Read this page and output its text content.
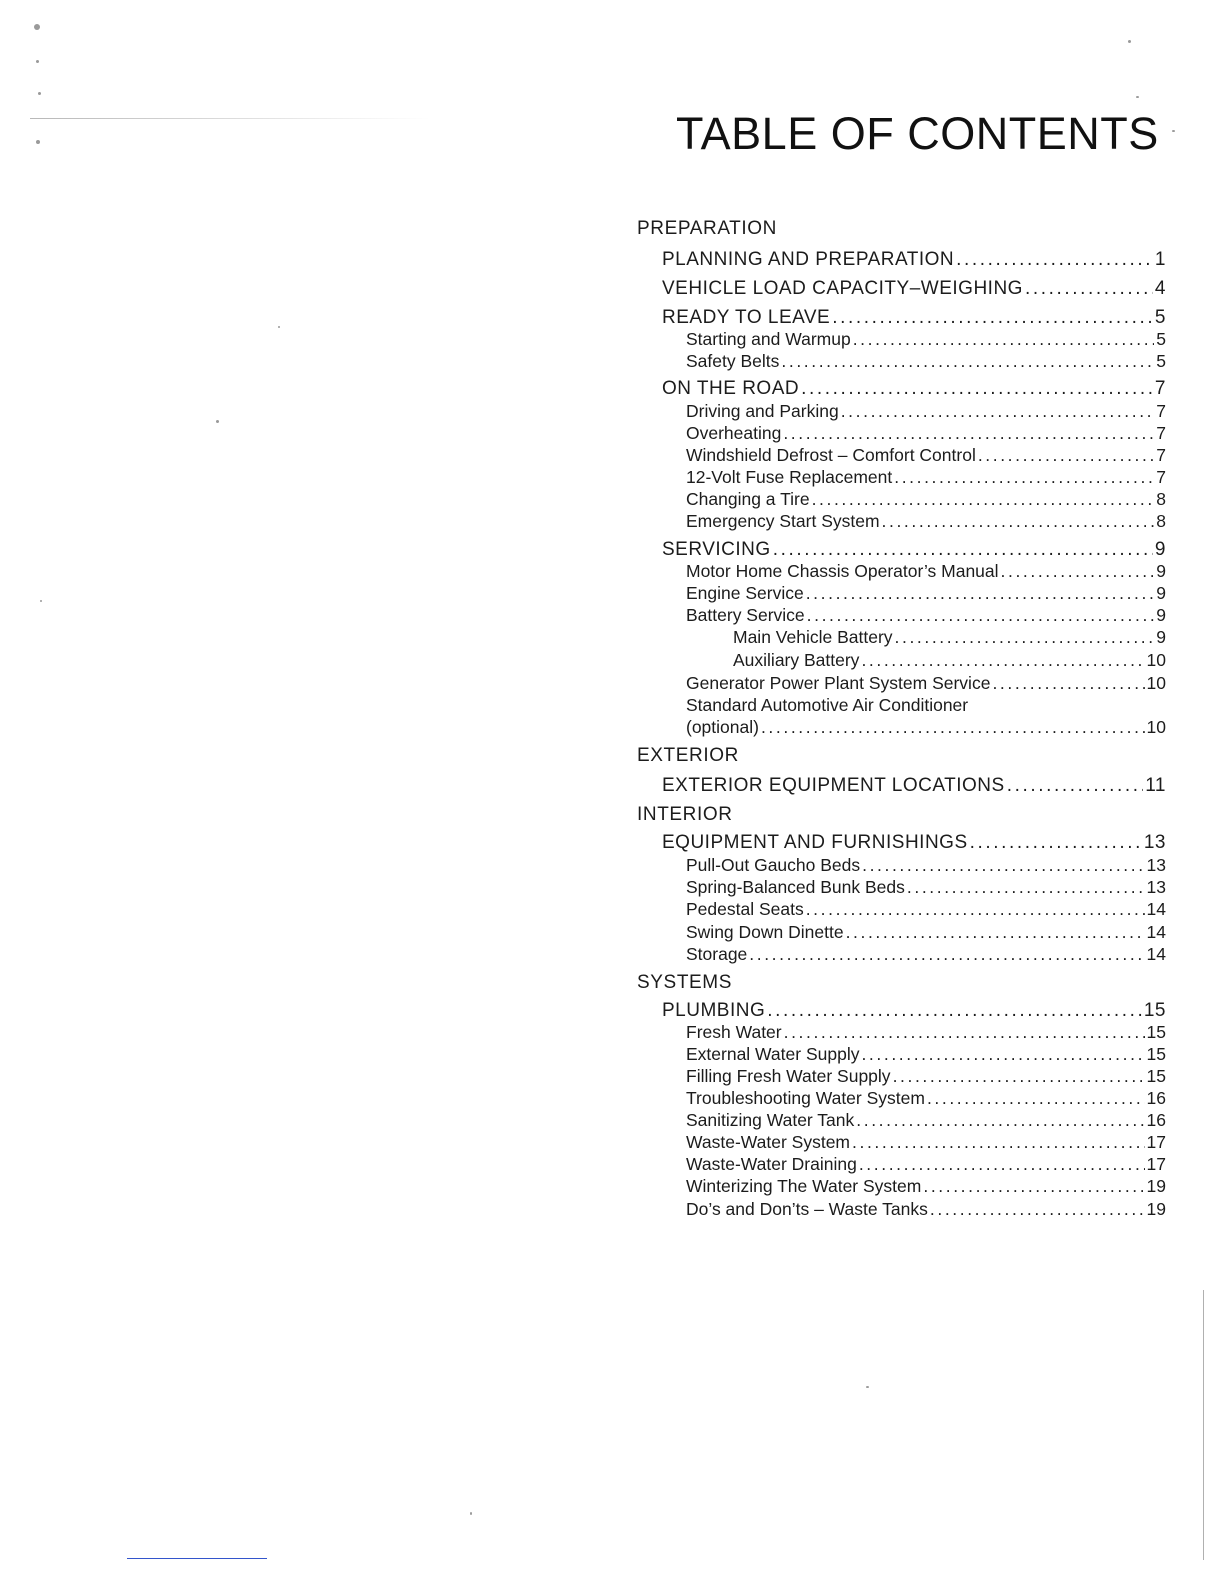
TABLE OF CONTENTS
PREPARATION
PLANNING AND PREPARATION .....	1
VEHICLE LOAD CAPACITY–WEIGHING .....	4
READY TO LEAVE .....	5
Starting and Warmup .....	5
Safety Belts .....	5
ON THE ROAD .....	7
Driving and Parking .....	7
Overheating .....	7
Windshield Defrost – Comfort Control .....	7
12-Volt Fuse Replacement .....	7
Changing a Tire .....	8
Emergency Start System .....	8
SERVICING .....	9
Motor Home Chassis Operator’s Manual .....	9
Engine Service .....	9
Battery Service .....	9
Main Vehicle Battery .....	9
Auxiliary Battery .....	10
Generator Power Plant System Service .....	10
Standard Automotive Air Conditioner
(optional) .....	10
EXTERIOR
EXTERIOR EQUIPMENT LOCATIONS .....	11
INTERIOR
EQUIPMENT AND FURNISHINGS .....	13
Pull-Out Gaucho Beds .....	13
Spring-Balanced Bunk Beds .....	13
Pedestal Seats .....	14
Swing Down Dinette .....	14
Storage .....	14
SYSTEMS
PLUMBING .....	15
Fresh Water .....	15
External Water Supply .....	15
Filling Fresh Water Supply .....	15
Troubleshooting Water System .....	16
Sanitizing Water Tank .....	16
Waste-Water System .....	17
Waste-Water Draining .....	17
Winterizing The Water System .....	19
Do’s and Don’ts – Waste Tanks .....	19
